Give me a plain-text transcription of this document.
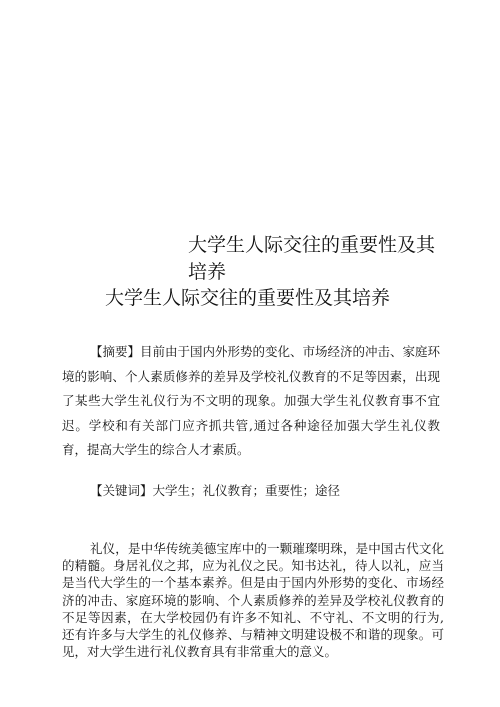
大学生人际交往的重要性及其培养
大学生人际交往的重要性及其培养
【摘要】目前由于国内外形势的变化、市场经济的冲击、家庭环境的影响、个人素质修养的差异及学校礼仪教育的不足等因素，出现 了某些大学生礼仪行为不文明的现象。加强大学生礼仪教育事不宜 迟。学校和有关部门应齐抓共管,通过各种途径加强大学生礼仪教育，提高大学生的综合人才素质。
【关键词】大学生；礼仪教育；重要性；途径
礼仪，是中华传统美德宝库中的一颗璀璨明珠，是中国古代文化 的精髓。身居礼仪之邦，应为礼仪之民。知书达礼，待人以礼，应当 是当代大学生的一个基本素养。但是由于国内外形势的变化、市场经 济的冲击、家庭环境的影响、个人素质修养的差异及学校礼仪教育的 不足等因素，在大学校园仍有许多不知礼、不守礼、不文明的行为, 还有许多与大学生的礼仪修养、与精神文明建设极不和谐的现象。可 见，对大学生进行礼仪教育具有非常重大的意义。
